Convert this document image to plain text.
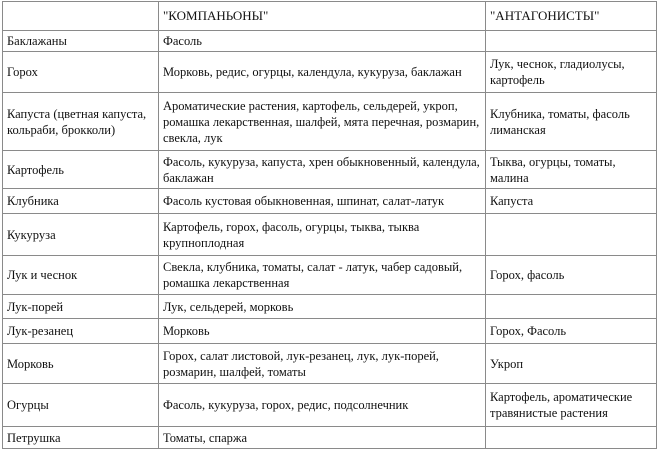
	"КОМПАНЬОНЫ"	"АНТАГОНИСТЫ"
Баклажаны	Фасоль	
Горох	Морковь, редис, огурцы, календула, кукуруза, баклажан	Лук, чеснок, гладиолусы, картофель
Капуста (цветная капуста, кольраби, брокколи)	Ароматические растения, картофель, сельдерей, укроп, ромашка лекарственная, шалфей, мята перечная, розмарин, свекла, лук	Клубника, томаты, фасоль лиманская
Картофель	Фасоль, кукуруза, капуста, хрен обыкновенный, календула, баклажан	Тыква, огурцы, томаты, малина
Клубника	Фасоль кустовая обыкновенная, шпинат, салат-латук	Капуста
Кукуруза	Картофель, горох, фасоль, огурцы, тыква, тыква крупноплодная	
Лук и чеснок	Свекла, клубника, томаты, салат - латук, чабер садовый, ромашка лекарственная	Горох, фасоль
Лук-порей	Лук, сельдерей, морковь	
Лук-резанец	Морковь	Горох, Фасоль
Морковь	Горох, салат листовой, лук-резанец, лук, лук-порей, розмарин, шалфей, томаты	Укроп
Огурцы	Фасоль, кукуруза, горох, редис, подсолнечник	Картофель, ароматические травянистые растения
Петрушка	Томаты, спаржа	
